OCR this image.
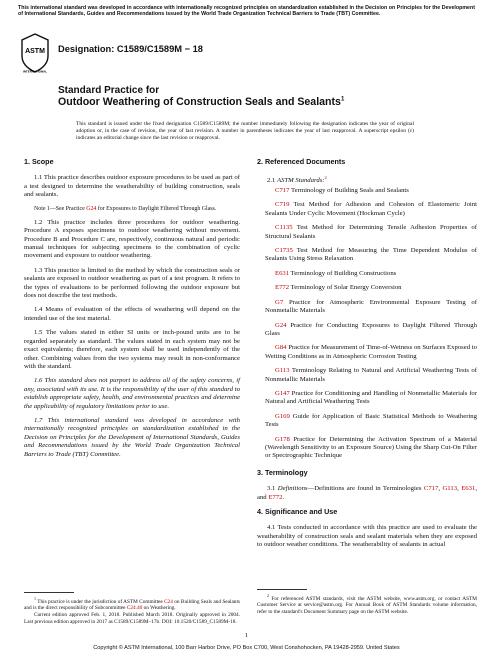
This international standard was developed in accordance with internationally recognized principles on standardization established in the Decision on Principles for the Development of International Standards, Guides and Recommendations issued by the World Trade Organization Technical Barriers to Trade (TBT) Committee.
ASTM
INTERNATIONAL
Designation: C1589/C1589M − 18
Standard Practice for
Outdoor Weathering of Construction Seals and Sealants$^1$
This standard is issued under the fixed designation C1589/C1589M; the number immediately following the designation indicates the year of original adoption or, in the case of revision, the year of last revision. A number in parentheses indicates the year of last reapproval. A superscript epsilon (ε) indicates an editorial change since the last revision or reapproval.
1. Scope

1.1 This practice describes outdoor exposure procedures to be used as part of a test designed to determine the weatherability of building construction, seals and sealants.

Note 1—See Practice G24 for Exposures to Daylight Filtered Through Glass.

1.2 This practice includes three procedures for outdoor weathering. Procedure A exposes specimens to outdoor weathering without movement. Procedure B and Procedure C are, respectively, continuous natural and periodic manual techniques for subjecting specimens to the combination of cyclic movement and exposure to outdoor weathering.

1.3 This practice is limited to the method by which the construction seals or sealants are exposed to outdoor weathering as part of a test program. It refers to the types of evaluations to be performed following the outdoor exposure but does not describe the test methods.

1.4 Means of evaluation of the effects of weathering will depend on the intended use of the test material.

1.5 The values stated in either SI units or inch-pound units are to be regarded separately as standard. The values stated in each system may not be exact equivalents; therefore, each system shall be used independently of the other. Combining values from the two systems may result in non-conformance with the standard.

1.6 This standard does not purport to address all of the safety concerns, if any, associated with its use. It is the responsibility of the user of this standard to establish appropriate safety, health, and environmental practices and determine the applicability of regulatory limitations prior to use.

1.7 This international standard was developed in accordance with internationally recognized principles on standardization established in the Decision on Principles for the Development of International Standards, Guides and Recommendations issued by the World Trade Organization Technical Barriers to Trade (TBT) Committee.

$^1$ This practice is under the jurisdiction of ASTM Committee C24 on Building Seals and Sealants and is the direct responsibility of Subcommittee C24.40 on Weathering.

Current edition approved Feb. 1, 2018. Published March 2018. Originally approved in 2004. Last previous edition approved in 2017 as C1589/C1589M–17b. DOI: 10.1520/C1589_C1589M-18.

2. Referenced Documents

2.1 ASTM Standards:$^2$

C717 Terminology of Building Seals and Sealants

C719 Test Method for Adhesion and Cohesion of Elastomeric Joint Sealants Under Cyclic Movement (Hockman Cycle)

C1135 Test Method for Determining Tensile Adhesion Properties of Structural Sealants

C1735 Test Method for Measuring the Time Dependent Modulus of Sealants Using Stress Relaxation

E631 Terminology of Building Constructions

E772 Terminology of Solar Energy Conversion

G7 Practice for Atmospheric Environmental Exposure Testing of Nonmetallic Materials

G24 Practice for Conducting Exposures to Daylight Filtered Through Glass

G84 Practice for Measurement of Time-of-Wetness on Surfaces Exposed to Wetting Conditions as in Atmospheric Corrosion Testing

G113 Terminology Relating to Natural and Artificial Weathering Tests of Nonmetallic Materials

G147 Practice for Conditioning and Handling of Nonmetallic Materials for Natural and Artificial Weathering Tests

G169 Guide for Application of Basic Statistical Methods to Weathering Tests

G178 Practice for Determining the Activation Spectrum of a Material (Wavelength Sensitivity to an Exposure Source) Using the Sharp Cut-On Filter or Spectrographic Technique

3. Terminology

3.1 Definitions—Definitions are found in Terminologies C717, G113, E631, and E772.

4. Significance and Use

4.1 Tests conducted in accordance with this practice are used to evaluate the weatherability of construction seals and sealant materials when they are exposed to outdoor weather conditions. The weatherability of sealants in actual

$^2$ For referenced ASTM standards, visit the ASTM website, www.astm.org, or contact ASTM Customer Service at service@astm.org. For Annual Book of ASTM Standards volume information, refer to the standard's Document Summary page on the ASTM website.

1
Copyright © ASTM International, 100 Barr Harbor Drive, PO Box C700, West Conshohocken, PA 19428-2959. United States
